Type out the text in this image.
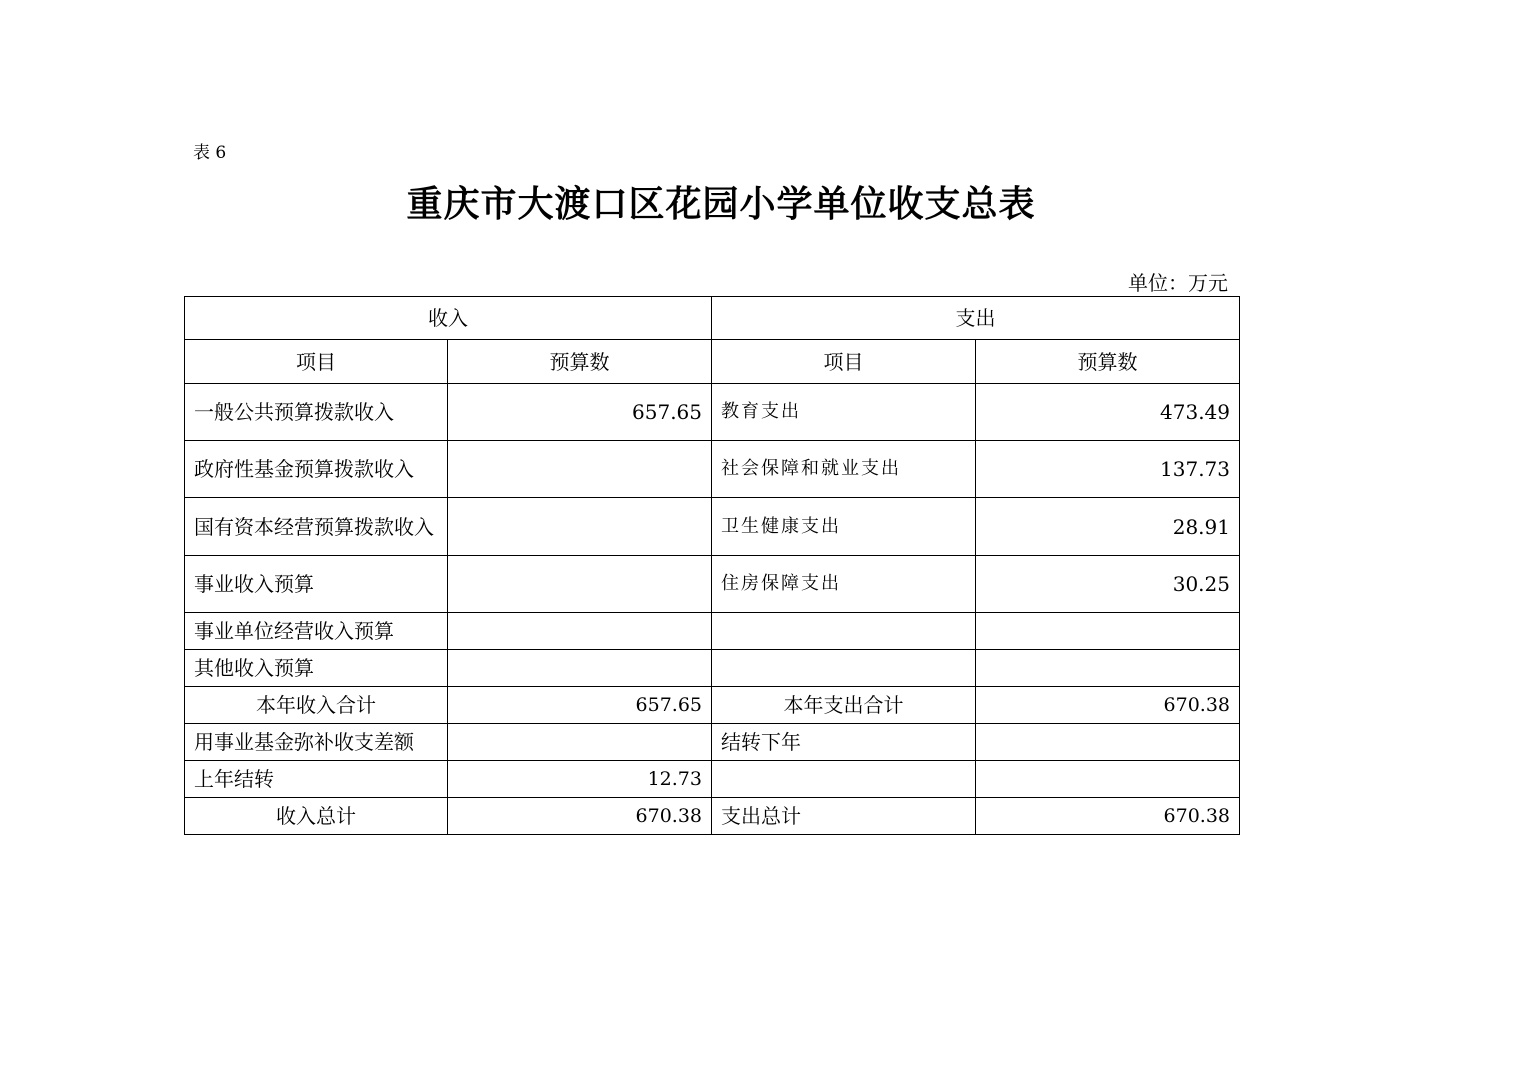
表 6
重庆市大渡口区花园小学单位收支总表
单位：万元
收入		支出	
项目	预算数	项目	预算数
一般公共预算拨款收入	657.65	教育支出	473.49
政府性基金预算拨款收入		社会保障和就业支出	137.73
国有资本经营预算拨款收入		卫生健康支出	28.91
事业收入预算		住房保障支出	30.25
事业单位经营收入预算			
其他收入预算			
本年收入合计	657.65	本年支出合计	670.38
用事业基金弥补收支差额		结转下年	
上年结转	12.73		
收入总计	670.38	支出总计	670.38
